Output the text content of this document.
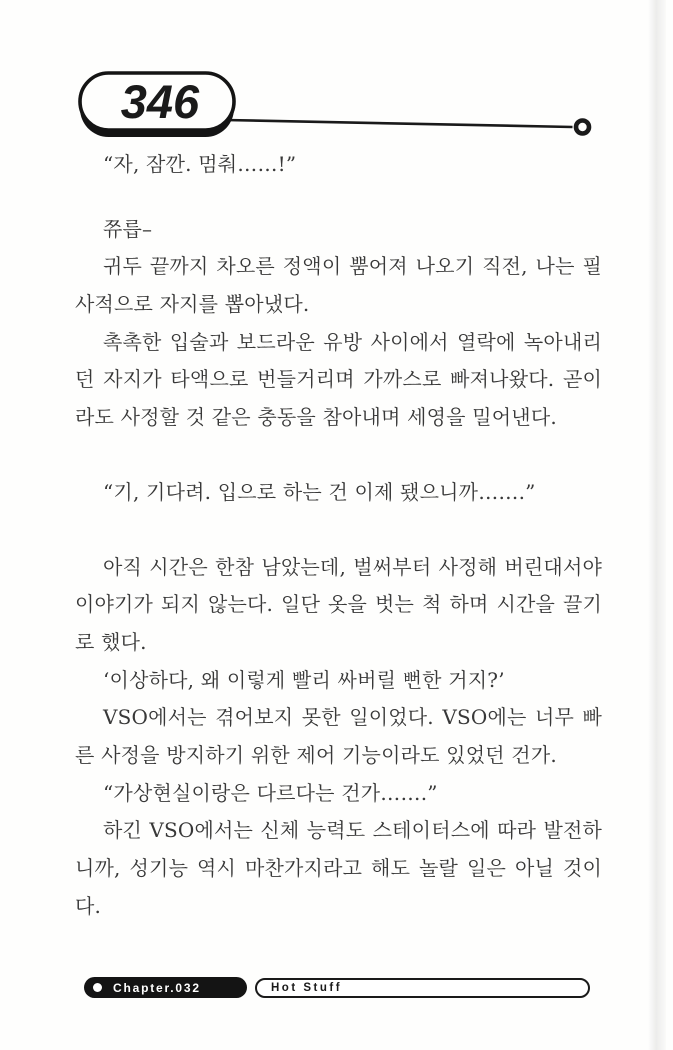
346
“자, 잠깐. 멈춰……!”
쮸릅–
귀두 끝까지 차오른 정액이 뿜어져 나오기 직전, 나는 필
사적으로 자지를 뽑아냈다.
촉촉한 입술과 보드라운 유방 사이에서 열락에 녹아내리
던 자지가 타액으로 번들거리며 가까스로 빠져나왔다. 곧이
라도 사정할 것 같은 충동을 참아내며 세영을 밀어낸다.
“기, 기다려. 입으로 하는 건 이제 됐으니까…….”
아직 시간은 한참 남았는데, 벌써부터 사정해 버린대서야
이야기가 되지 않는다. 일단 옷을 벗는 척 하며 시간을 끌기
로 했다.
‘이상하다, 왜 이렇게 빨리 싸버릴 뻔한 거지?’
VSO에서는 겪어보지 못한 일이었다. VSO에는 너무 빠
른 사정을 방지하기 위한 제어 기능이라도 있었던 건가.
“가상현실이랑은 다르다는 건가…….”
하긴 VSO에서는 신체 능력도 스테이터스에 따라 발전하
니까, 성기능 역시 마찬가지라고 해도 놀랄 일은 아닐 것이
다.
Chapter.032	Hot Stuff
